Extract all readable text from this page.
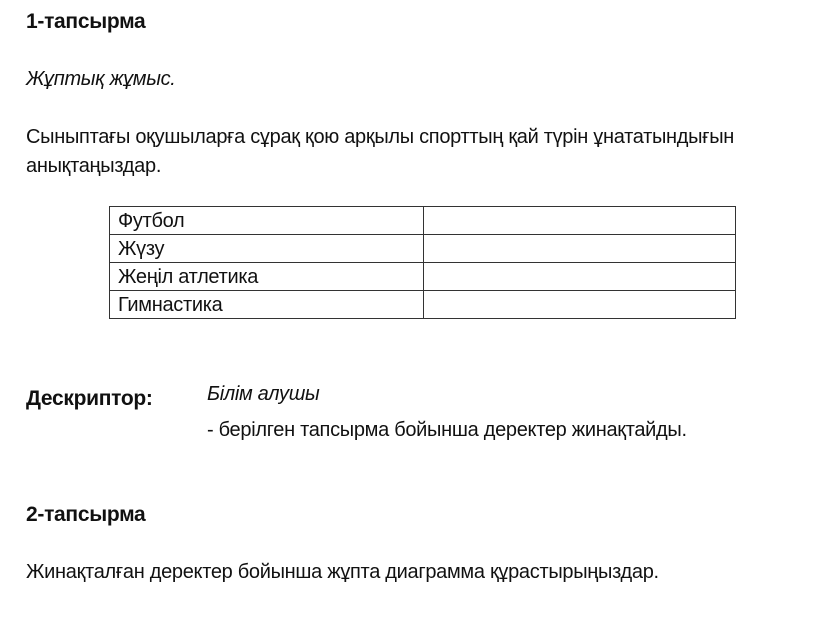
1-тапсырма
Жұптық жұмыс.
Сыныптағы оқушыларға сұрақ қою арқылы спорттың қай түрін ұнататындығын
анықтаңыздар.
Футбол	
Жүзу	
Жеңіл атлетика	
Гимнастика	
Дескриптор:	Білім алушы
- берілген тапсырма бойынша деректер жинақтайды.
2-тапсырма
Жинақталған деректер бойынша жұпта диаграмма құрастырыңыздар.
